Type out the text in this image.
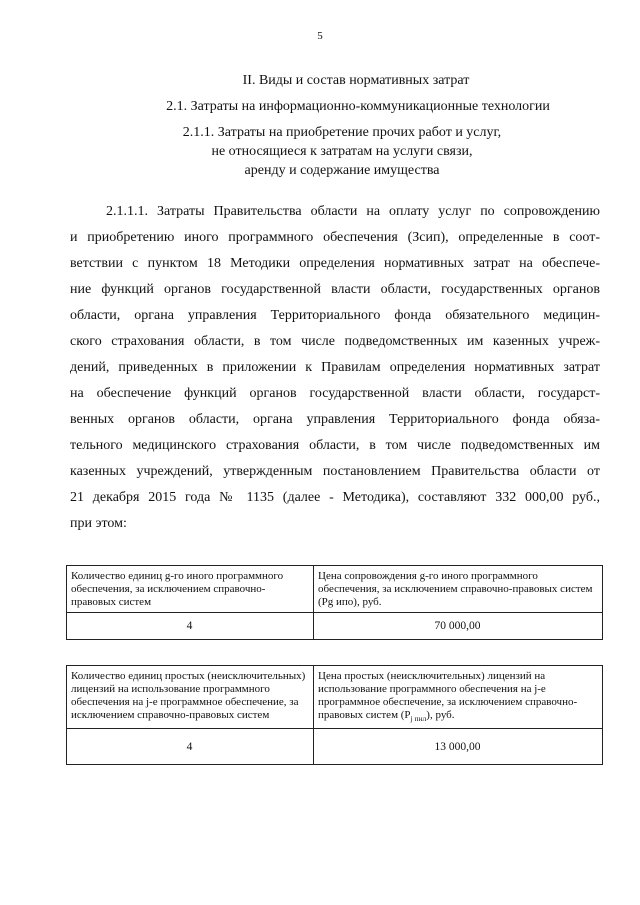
5
II. Виды и состав нормативных затрат
2.1. Затраты на информационно-коммуникационные технологии
2.1.1. Затраты на приобретение прочих работ и услуг,
не относящиеся к затратам на услуги связи,
аренду и содержание имущества
2.1.1.1. Затраты Правительства области на оплату услуг по сопровождению
и приобретению иного программного обеспечения (Зсип), определенные в соот-
ветствии с пунктом 18 Методики определения нормативных затрат на обеспече-
ние функций органов государственной власти области, государственных органов
области, органа управления Территориального фонда обязательного медицин-
ского страхования области, в том числе подведомственных им казенных учреж-
дений, приведенных в приложении к Правилам определения нормативных затрат
на обеспечение функций органов государственной власти области, государст-
венных органов области, органа управления Территориального фонда обяза-
тельного медицинского страхования области, в том числе подведомственных им
казенных учреждений, утвержденным постановлением Правительства области от
21 декабря 2015 года № 1135 (далее - Методика), составляют 332 000,00 руб.,
при этом:
Количество единиц g-го иного программного обеспечения, за исключением справочно-правовых систем	Цена сопровождения g-го иного программного обеспечения, за исключением справочно-правовых систем (Pg ипо), руб.
4	70 000,00
Количество единиц простых (неисключительных) лицензий на использование программного обеспечения на j-е программное обеспечение, за исключением справочно-правовых систем	Цена простых (неисключительных) лицензий на использование программного обеспечения на j-е программное обеспечение, за исключением справочно-правовых систем $(P_{j пнл})$, руб.
4	13 000,00
